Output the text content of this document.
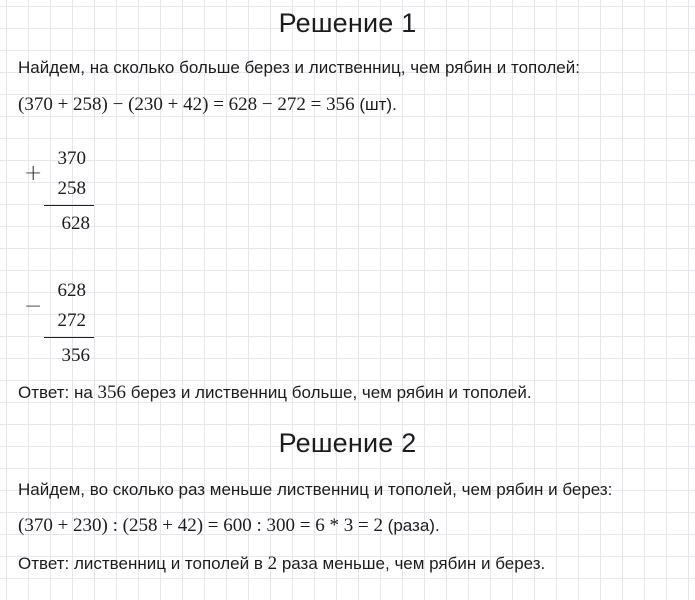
Решение 1
Найдем, на сколько больше берез и лиственниц, чем рябин и тополей:
(370 + 258) − (230 + 42) = 628 − 272 = 356 (шт).
+
370
258
628
−
628
272
356
Ответ: на 356 берез и лиственниц больше, чем рябин и тополей.
Решение 2
Найдем, во сколько раз меньше лиственниц и тополей, чем рябин и берез:
(370 + 230) : (258 + 42) = 600 : 300 = 6 * 3 = 2 (раза).
Ответ: лиственниц и тополей в 2 раза меньше, чем рябин и берез.
